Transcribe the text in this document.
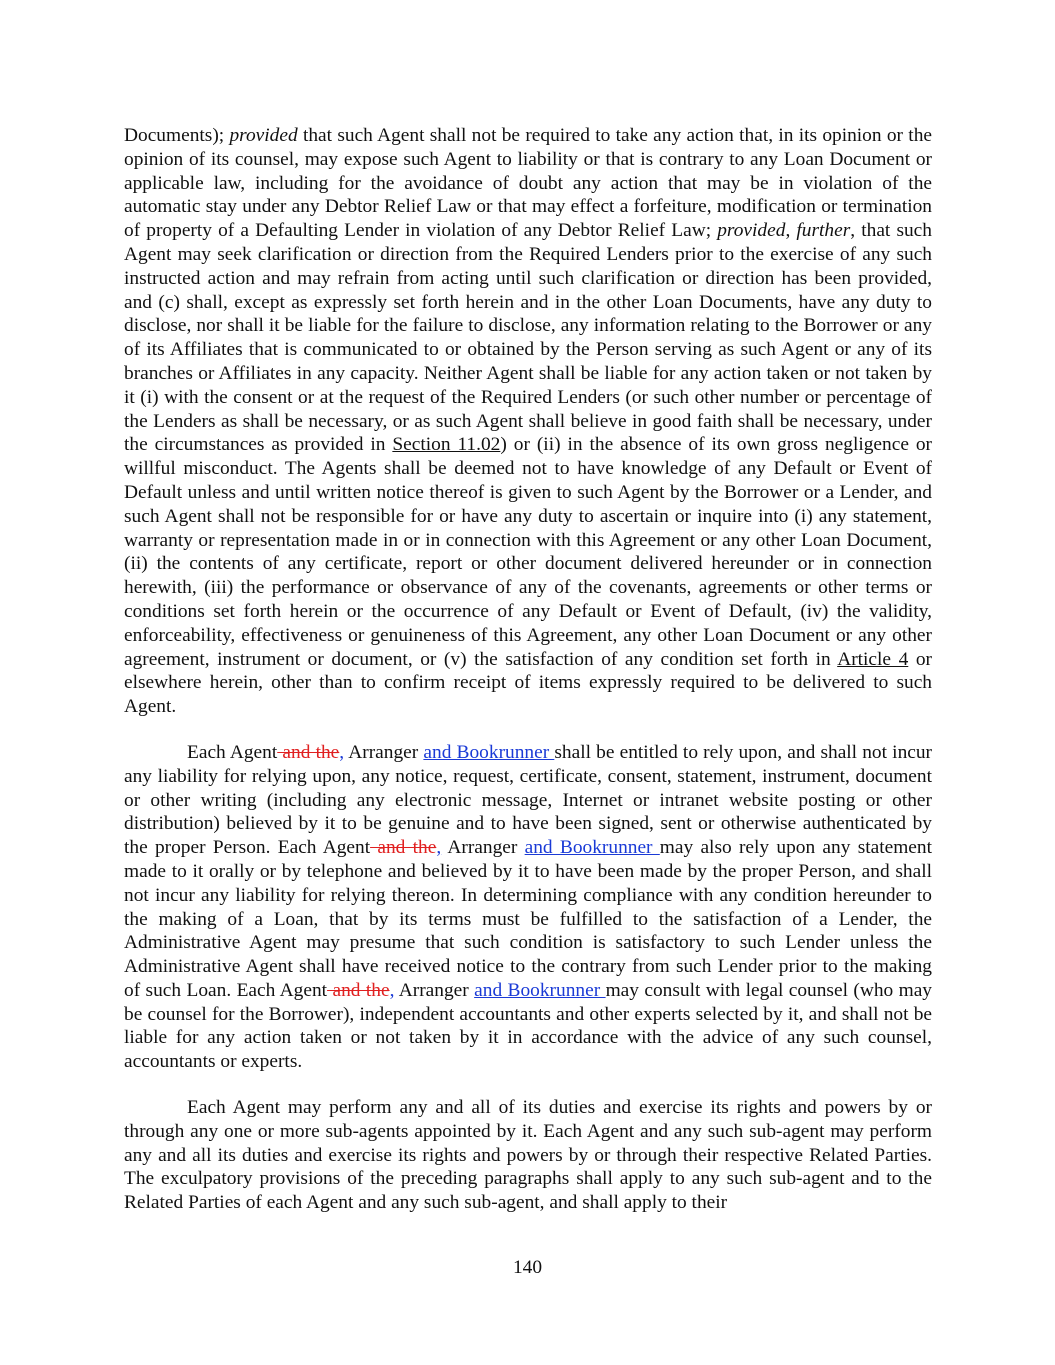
Documents); provided that such Agent shall not be required to take any action that, in its opinion or the opinion of its counsel, may expose such Agent to liability or that is contrary to any Loan Document or applicable law, including for the avoidance of doubt any action that may be in violation of the automatic stay under any Debtor Relief Law or that may effect a forfeiture, modification or termination of property of a Defaulting Lender in violation of any Debtor Relief Law; provided, further, that such Agent may seek clarification or direction from the Required Lenders prior to the exercise of any such instructed action and may refrain from acting until such clarification or direction has been provided, and (c) shall, except as expressly set forth herein and in the other Loan Documents, have any duty to disclose, nor shall it be liable for the failure to disclose, any information relating to the Borrower or any of its Affiliates that is communicated to or obtained by the Person serving as such Agent or any of its branches or Affiliates in any capacity. Neither Agent shall be liable for any action taken or not taken by it (i) with the consent or at the request of the Required Lenders (or such other number or percentage of the Lenders as shall be necessary, or as such Agent shall believe in good faith shall be necessary, under the circumstances as provided in Section 11.02) or (ii) in the absence of its own gross negligence or willful misconduct. The Agents shall be deemed not to have knowledge of any Default or Event of Default unless and until written notice thereof is given to such Agent by the Borrower or a Lender, and such Agent shall not be responsible for or have any duty to ascertain or inquire into (i) any statement, warranty or representation made in or in connection with this Agreement or any other Loan Document, (ii) the contents of any certificate, report or other document delivered hereunder or in connection herewith, (iii) the performance or observance of any of the covenants, agreements or other terms or conditions set forth herein or the occurrence of any Default or Event of Default, (iv) the validity, enforceability, effectiveness or genuineness of this Agreement, any other Loan Document or any other agreement, instrument or document, or (v) the satisfaction of any condition set forth in Article 4 or elsewhere herein, other than to confirm receipt of items expressly required to be delivered to such Agent.

Each Agent and the, Arranger and Bookrunner shall be entitled to rely upon, and shall not incur any liability for relying upon, any notice, request, certificate, consent, statement, instrument, document or other writing (including any electronic message, Internet or intranet website posting or other distribution) believed by it to be genuine and to have been signed, sent or otherwise authenticated by the proper Person. Each Agent and the, Arranger and Bookrunner may also rely upon any statement made to it orally or by telephone and believed by it to have been made by the proper Person, and shall not incur any liability for relying thereon. In determining compliance with any condition hereunder to the making of a Loan, that by its terms must be fulfilled to the satisfaction of a Lender, the Administrative Agent may presume that such condition is satisfactory to such Lender unless the Administrative Agent shall have received notice to the contrary from such Lender prior to the making of such Loan. Each Agent and the, Arranger and Bookrunner may consult with legal counsel (who may be counsel for the Borrower), independent accountants and other experts selected by it, and shall not be liable for any action taken or not taken by it in accordance with the advice of any such counsel, accountants or experts.

Each Agent may perform any and all of its duties and exercise its rights and powers by or through any one or more sub-agents appointed by it. Each Agent and any such sub-agent may perform any and all its duties and exercise its rights and powers by or through their respective Related Parties. The exculpatory provisions of the preceding paragraphs shall apply to any such sub-agent and to the Related Parties of each Agent and any such sub-agent, and shall apply to their

140
